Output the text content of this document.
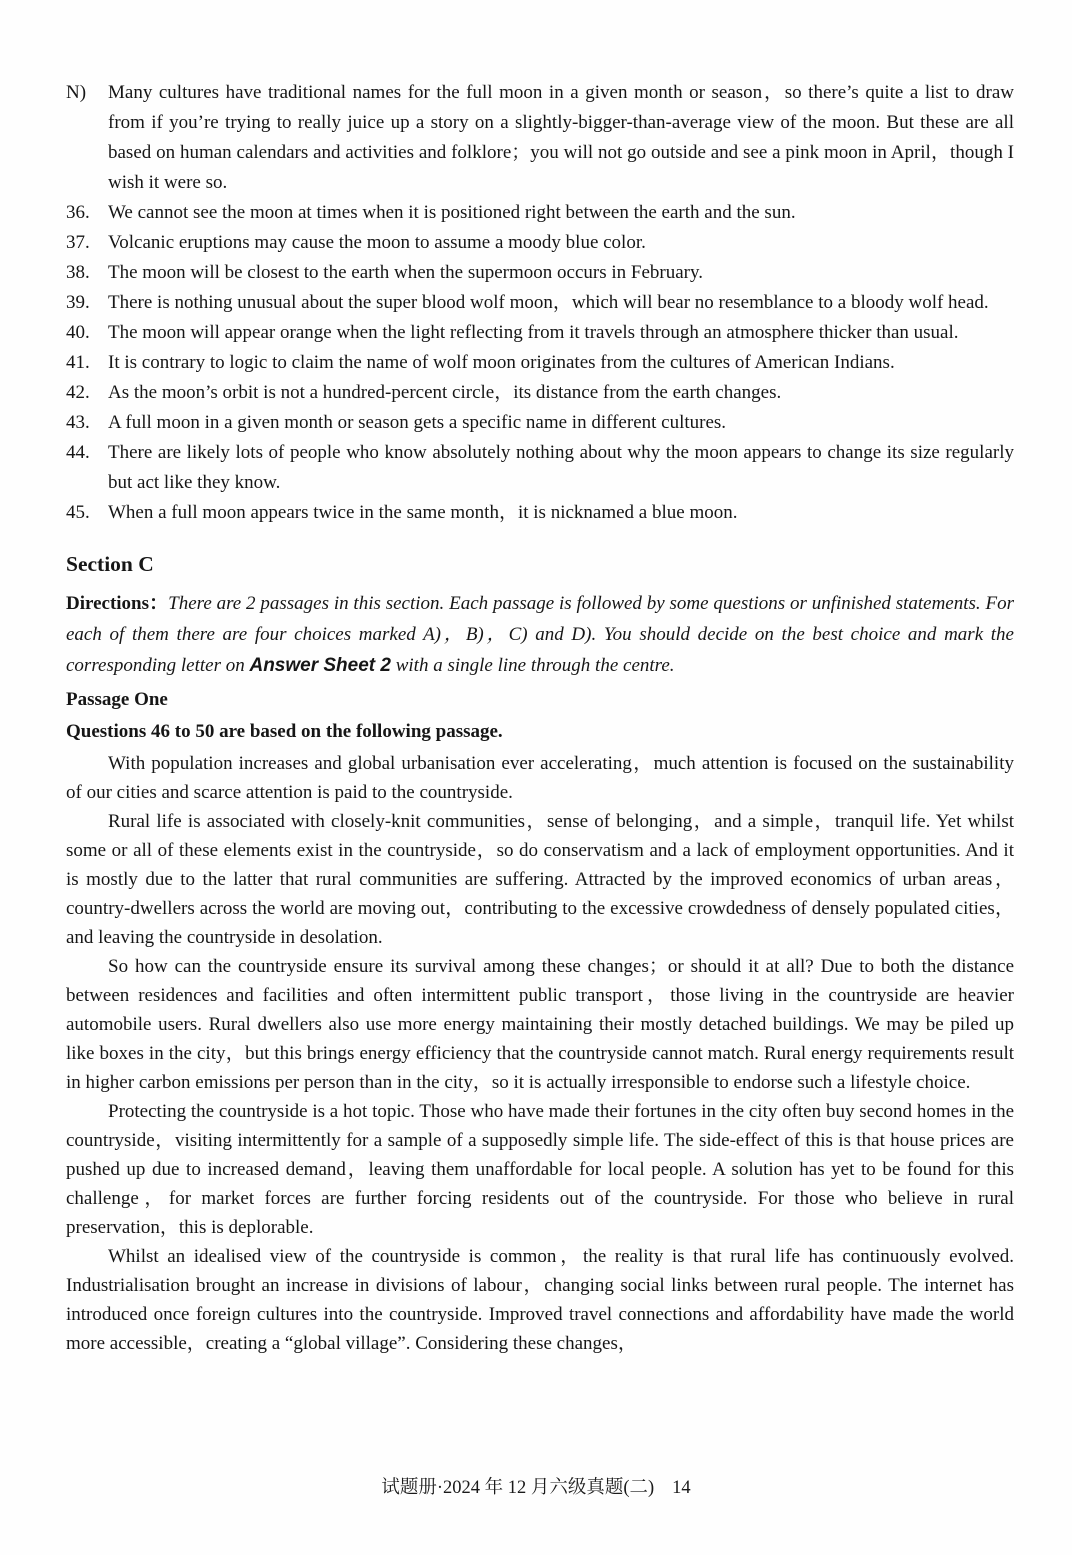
N) Many cultures have traditional names for the full moon in a given month or season，so there’s quite a list to draw from if you’re trying to really juice up a story on a slightly-bigger-than-average view of the moon. But these are all based on human calendars and activities and folklore；you will not go outside and see a pink moon in April，though I wish it were so.
36. We cannot see the moon at times when it is positioned right between the earth and the sun.
37. Volcanic eruptions may cause the moon to assume a moody blue color.
38. The moon will be closest to the earth when the supermoon occurs in February.
39. There is nothing unusual about the super blood wolf moon，which will bear no resemblance to a bloody wolf head.
40. The moon will appear orange when the light reflecting from it travels through an atmosphere thicker than usual.
41. It is contrary to logic to claim the name of wolf moon originates from the cultures of American Indians.
42. As the moon’s orbit is not a hundred-percent circle，its distance from the earth changes.
43. A full moon in a given month or season gets a specific name in different cultures.
44. There are likely lots of people who know absolutely nothing about why the moon appears to change its size regularly but act like they know.
45. When a full moon appears twice in the same month，it is nicknamed a blue moon.
Section C

Directions：There are 2 passages in this section. Each passage is followed by some questions or unfinished statements. For each of them there are four choices marked A)，B)，C) and D). You should decide on the best choice and mark the corresponding letter on Answer Sheet 2 with a single line through the centre.

Passage One
Questions 46 to 50 are based on the following passage.

With population increases and global urbanisation ever accelerating，much attention is focused on the sustainability of our cities and scarce attention is paid to the countryside.

Rural life is associated with closely-knit communities，sense of belonging，and a simple，tranquil life. Yet whilst some or all of these elements exist in the countryside，so do conservatism and a lack of employment opportunities. And it is mostly due to the latter that rural communities are suffering. Attracted by the improved economics of urban areas，country-dwellers across the world are moving out，contributing to the excessive crowdedness of densely populated cities，and leaving the countryside in desolation.

So how can the countryside ensure its survival among these changes；or should it at all? Due to both the distance between residences and facilities and often intermittent public transport，those living in the countryside are heavier automobile users. Rural dwellers also use more energy maintaining their mostly detached buildings. We may be piled up like boxes in the city，but this brings energy efficiency that the countryside cannot match. Rural energy requirements result in higher carbon emissions per person than in the city，so it is actually irresponsible to endorse such a lifestyle choice.

Protecting the countryside is a hot topic. Those who have made their fortunes in the city often buy second homes in the countryside，visiting intermittently for a sample of a supposedly simple life. The side-effect of this is that house prices are pushed up due to increased demand，leaving them unaffordable for local people. A solution has yet to be found for this challenge，for market forces are further forcing residents out of the countryside. For those who believe in rural preservation，this is deplorable.

Whilst an idealised view of the countryside is common，the reality is that rural life has continuously evolved. Industrialisation brought an increase in divisions of labour，changing social links between rural people. The internet has introduced once foreign cultures into the countryside. Improved travel connections and affordability have made the world more accessible，creating a “global village”. Considering these changes，

试题册·2024 年 12 月六级真题(二) 14
